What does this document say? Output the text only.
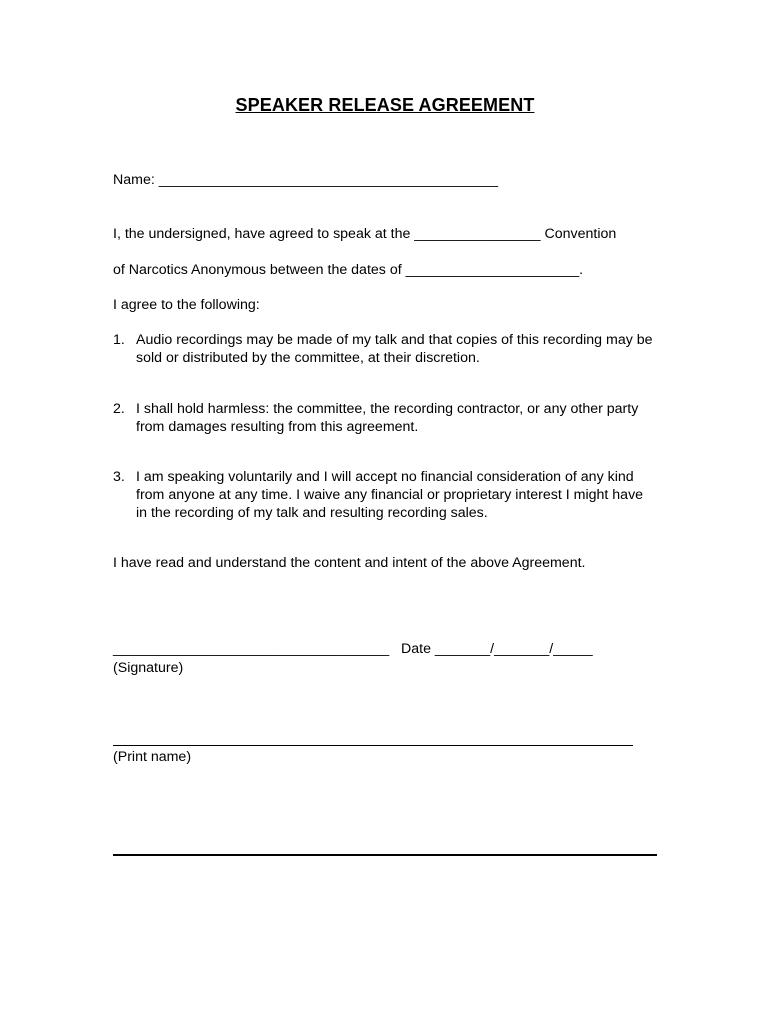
SPEAKER RELEASE AGREEMENT
Name: ___________________________________________
I, the undersigned, have agreed to speak at the ________________ Convention
of Narcotics Anonymous between the dates of ______________________.
I agree to the following:
1. Audio recordings may be made of my talk and that copies of this recording may be sold or distributed by the committee, at their discretion.
2. I shall hold harmless: the committee, the recording contractor, or any other party from damages resulting from this agreement.
3. I am speaking voluntarily and I will accept no financial consideration of any kind from anyone at any time. I waive any financial or proprietary interest I might have in the recording of my talk and resulting recording sales.
I have read and understand the content and intent of the above Agreement.
___________________________________   Date _______/_______/_____
(Signature)
(Print name)
